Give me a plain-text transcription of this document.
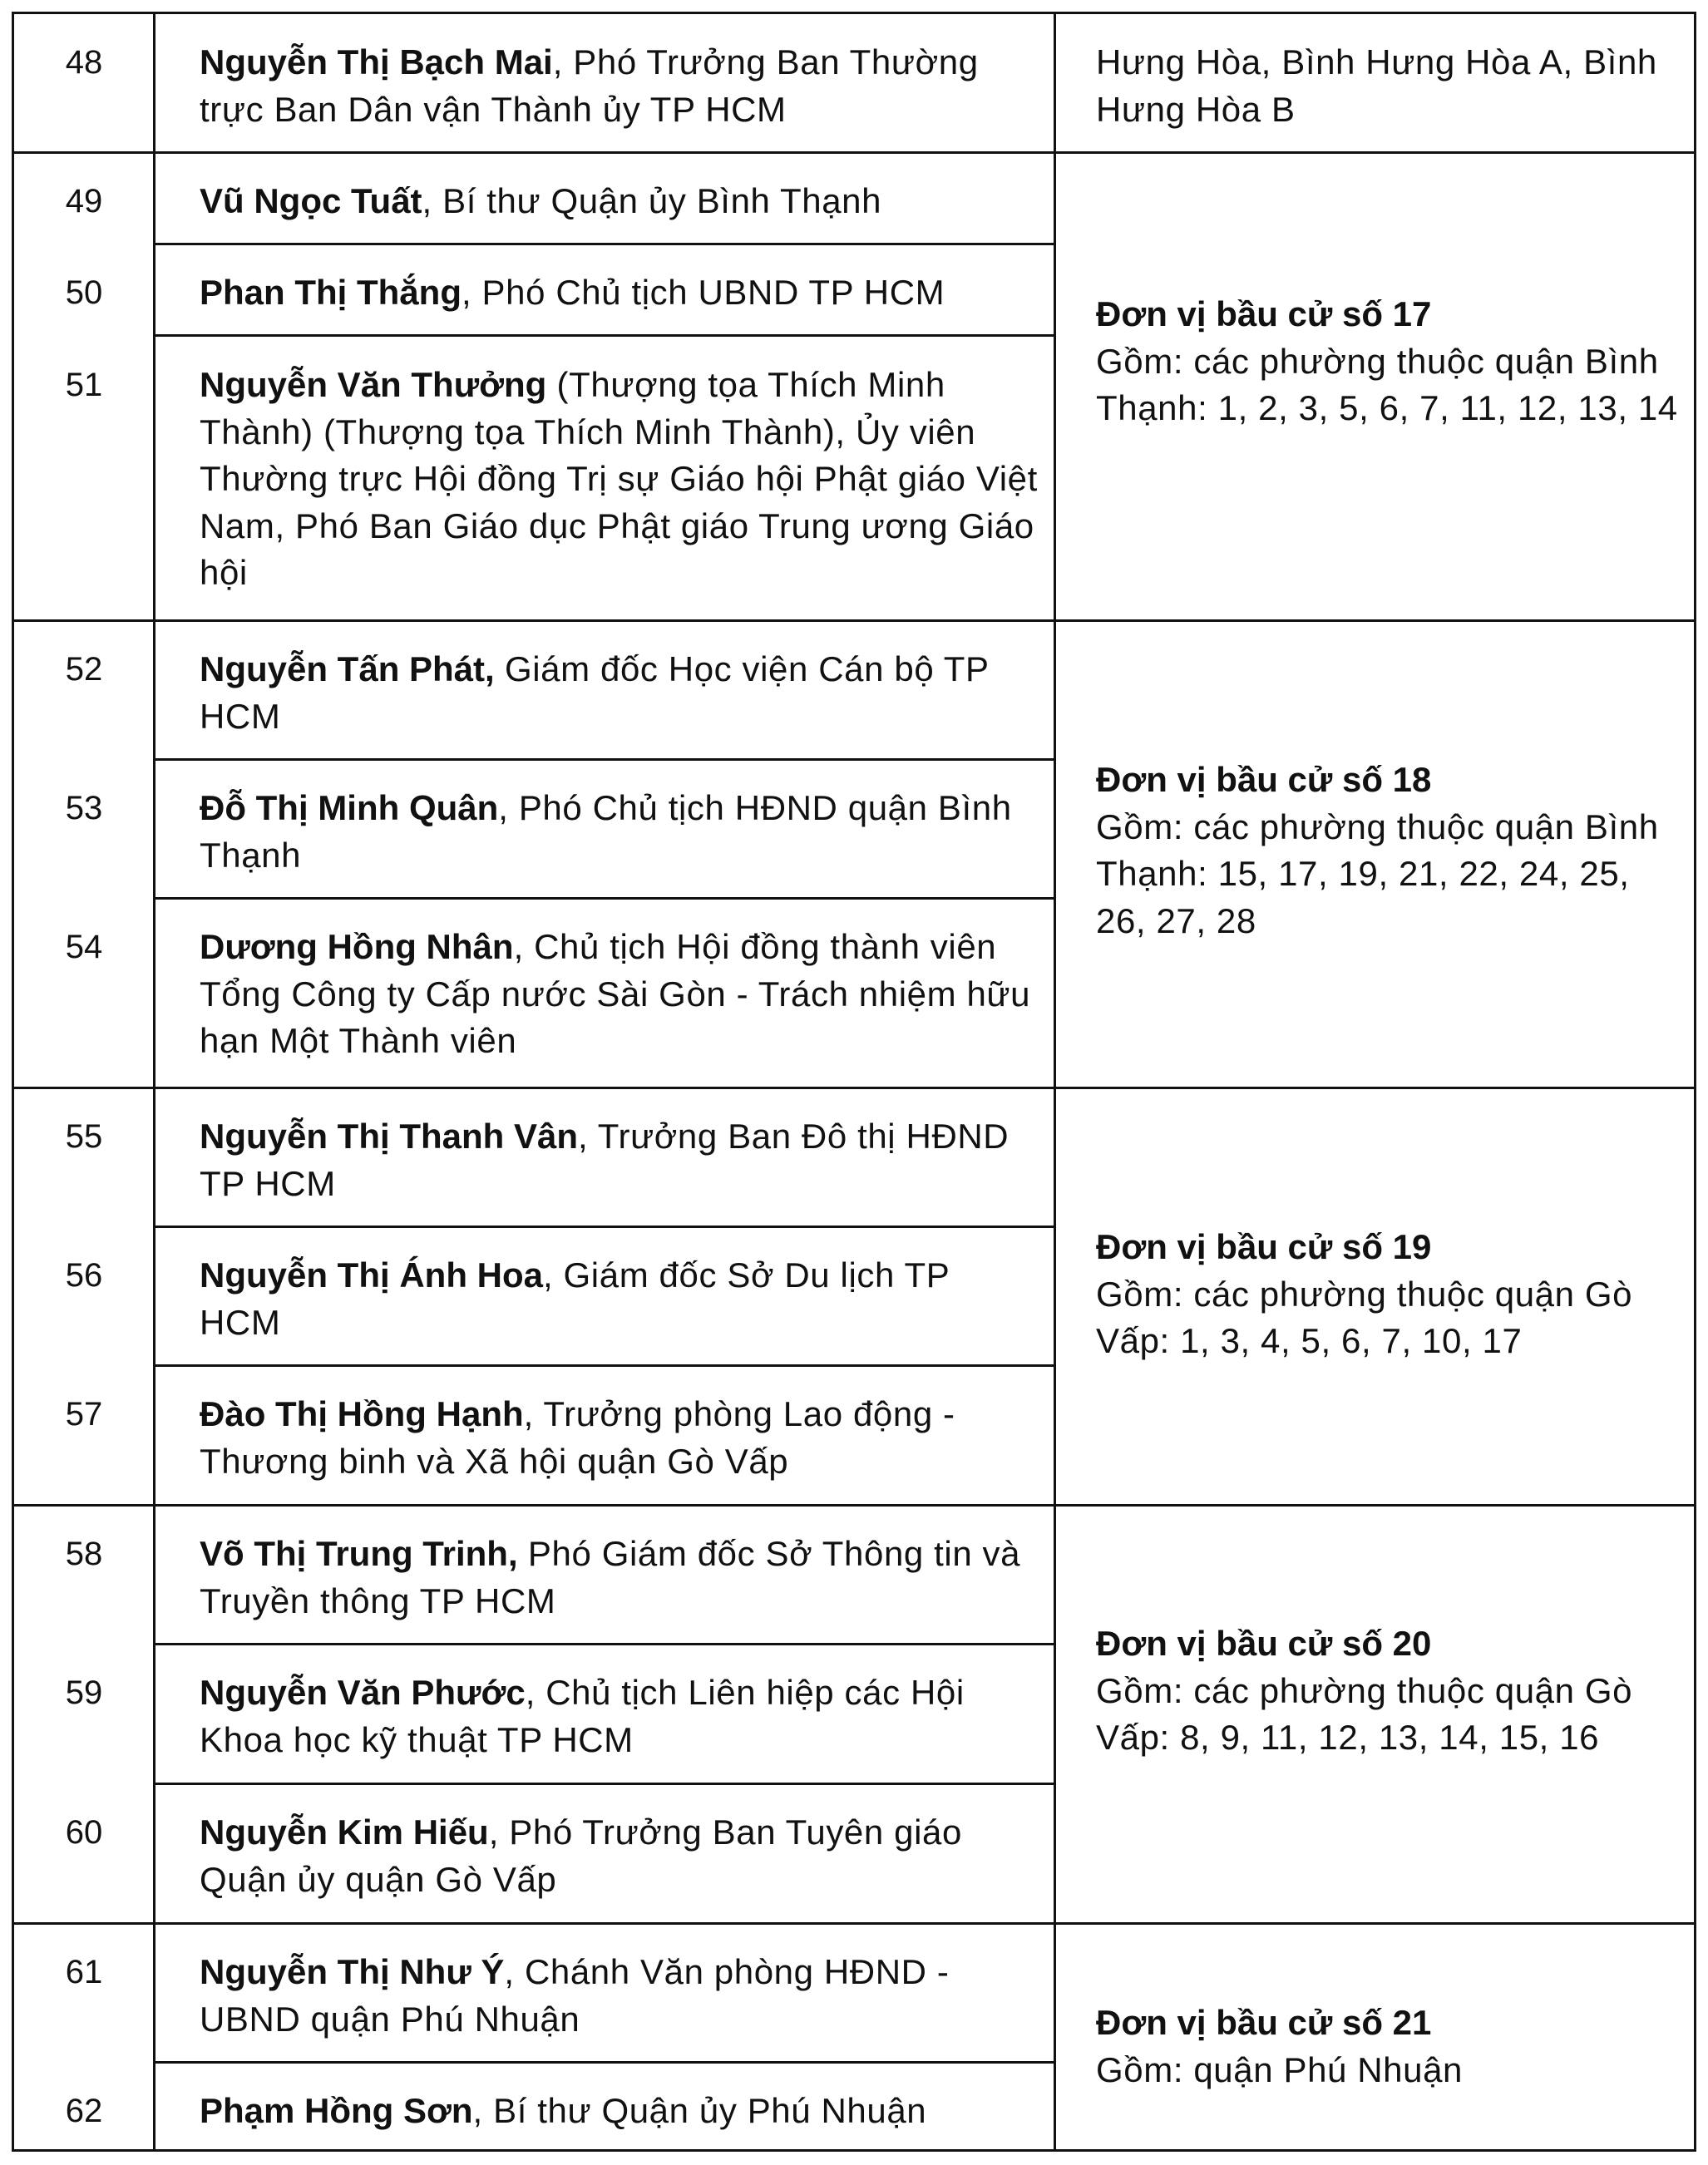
48
49
50
51
52
53
54
55
56
57
58
59
60
61
62
Nguyễn Thị Bạch Mai, Phó Trưởng Ban Thường trực Ban Dân vận Thành ủy TP HCM
Vũ Ngọc Tuất, Bí thư Quận ủy Bình Thạnh
Phan Thị Thắng, Phó Chủ tịch UBND TP HCM
Nguyễn Văn Thưởng (Thượng tọa Thích Minh Thành) (Thượng tọa Thích Minh Thành), Ủy viên Thường trực Hội đồng Trị sự Giáo hội Phật giáo Việt Nam, Phó Ban Giáo dục Phật giáo Trung ương Giáo hội
Nguyễn Tấn Phát, Giám đốc Học viện Cán bộ TP HCM
Đỗ Thị Minh Quân, Phó Chủ tịch HĐND quận Bình Thạnh
Dương Hồng Nhân, Chủ tịch Hội đồng thành viên Tổng Công ty Cấp nước Sài Gòn - Trách nhiệm hữu hạn Một Thành viên
Nguyễn Thị Thanh Vân, Trưởng Ban Đô thị HĐND TP HCM
Nguyễn Thị Ánh Hoa, Giám đốc Sở Du lịch TP HCM
Đào Thị Hồng Hạnh, Trưởng phòng Lao động - Thương binh và Xã hội quận Gò Vấp
Võ Thị Trung Trinh, Phó Giám đốc Sở Thông tin và Truyền thông TP HCM
Nguyễn Văn Phước, Chủ tịch Liên hiệp các Hội Khoa học kỹ thuật TP HCM
Nguyễn Kim Hiếu, Phó Trưởng Ban Tuyên giáo Quận ủy quận Gò Vấp
Nguyễn Thị Như Ý, Chánh Văn phòng HĐND - UBND quận Phú Nhuận
Phạm Hồng Sơn, Bí thư Quận ủy Phú Nhuận
Hưng Hòa, Bình Hưng Hòa A, Bình Hưng Hòa B
Đơn vị bầu cử số 17
Gồm: các phường thuộc quận Bình Thạnh: 1, 2, 3, 5, 6, 7, 11, 12, 13, 14
Đơn vị bầu cử số 18
Gồm: các phường thuộc quận Bình Thạnh: 15, 17, 19, 21, 22, 24, 25, 26, 27, 28
Đơn vị bầu cử số 19
Gồm: các phường thuộc quận Gò Vấp: 1, 3, 4, 5, 6, 7, 10, 17
Đơn vị bầu cử số 20
Gồm: các phường thuộc quận Gò Vấp: 8, 9, 11, 12, 13, 14, 15, 16
Đơn vị bầu cử số 21
Gồm: quận Phú Nhuận
